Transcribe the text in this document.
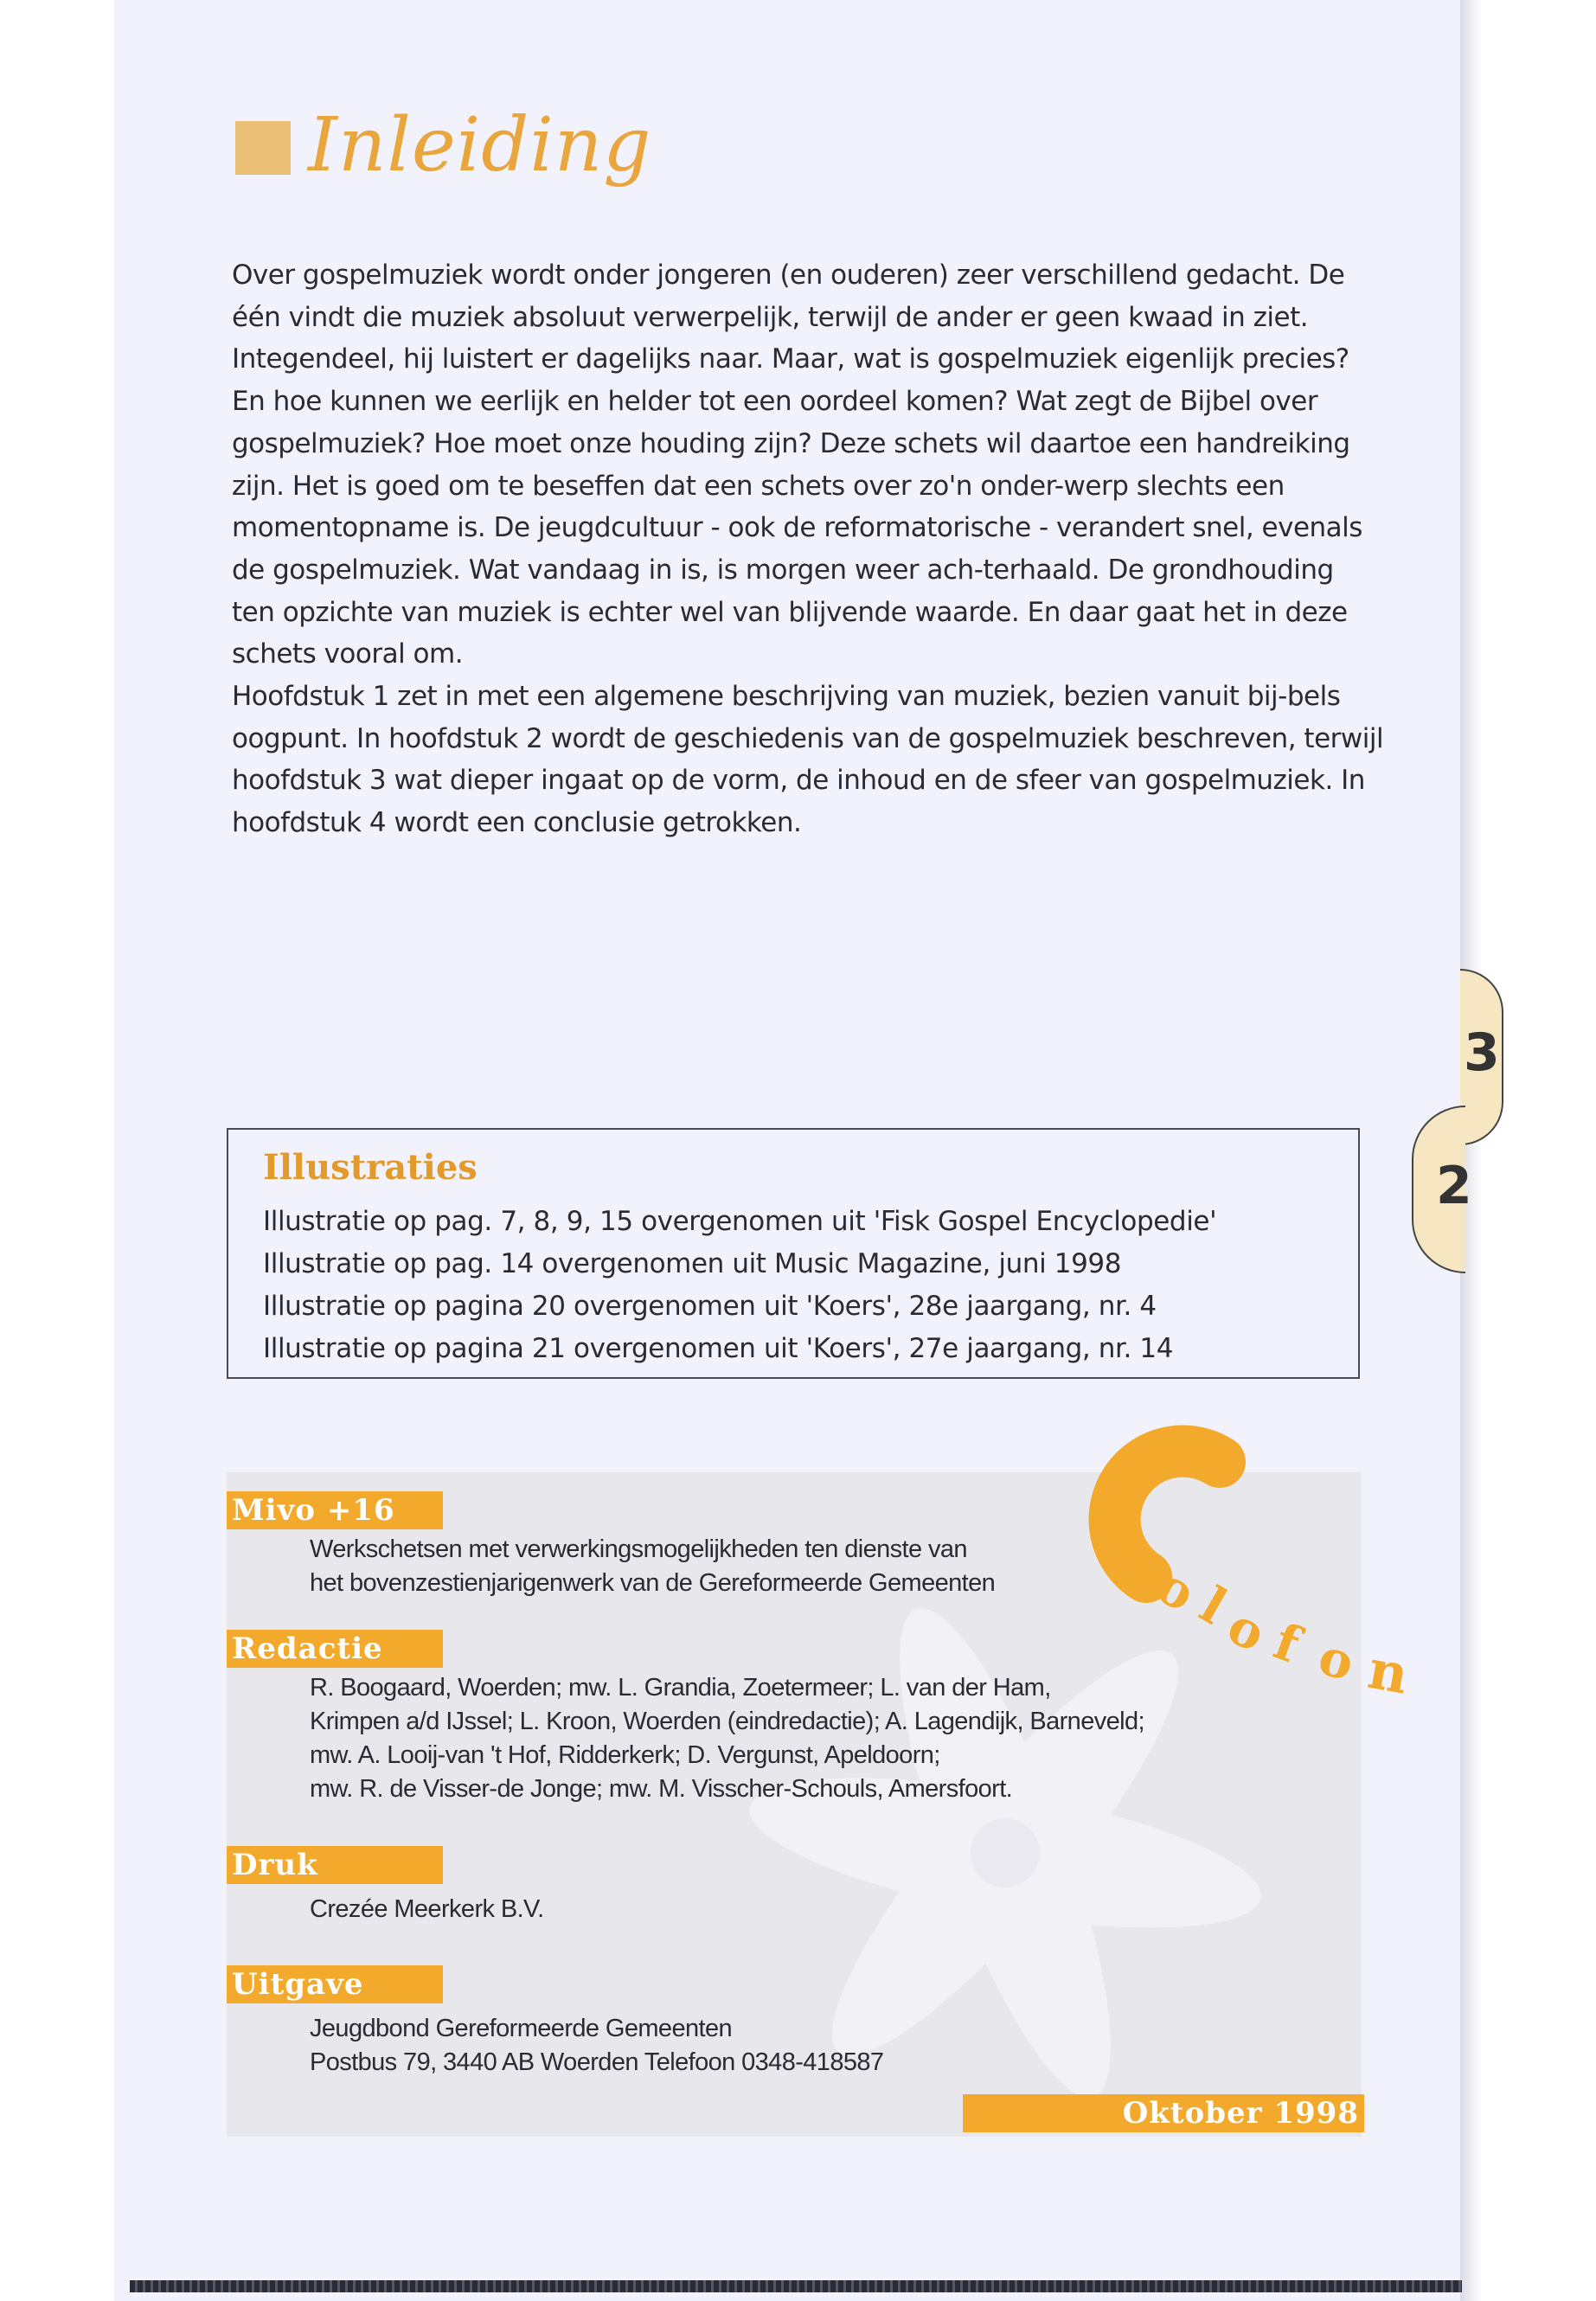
3
2
Inleiding

Over gospelmuziek wordt onder jongeren (en ouderen) zeer verschillend gedacht. De één vindt die muziek absoluut verwerpelijk, terwijl de ander er geen kwaad in ziet. Integendeel, hij luistert er dagelijks naar. Maar, wat is gospelmuziek eigenlijk precies? En hoe kunnen we eerlijk en helder tot een oordeel komen? Wat zegt de Bijbel over gospelmuziek? Hoe moet onze houding zijn? Deze schets wil daartoe een handreiking zijn. Het is goed om te beseffen dat een schets over zo'n onder-werp slechts een momentopname is. De jeugdcultuur - ook de reformatorische - verandert snel, evenals de gospelmuziek. Wat vandaag in is, is morgen weer ach-terhaald. De grondhouding ten opzichte van muziek is echter wel van blijvende waarde. En daar gaat het in deze schets vooral om.

Hoofdstuk 1 zet in met een algemene beschrijving van muziek, bezien vanuit bij-bels oogpunt. In hoofdstuk 2 wordt de geschiedenis van de gospelmuziek beschreven, terwijl hoofdstuk 3 wat dieper ingaat op de vorm, de inhoud en de sfeer van gospelmuziek. In hoofdstuk 4 wordt een conclusie getrokken.

Illustraties
Illustratie op pag. 7, 8, 9, 15 overgenomen uit 'Fisk Gospel Encyclopedie'
Illustratie op pag. 14 overgenomen uit Music Magazine, juni 1998
Illustratie op pagina 20 overgenomen uit 'Koers', 28e jaargang, nr. 4
Illustratie op pagina 21 overgenomen uit 'Koers', 27e jaargang, nr. 14
Mivo +16
Werkschetsen met verwerkingsmogelijkheden ten dienste van
het bovenzestienjarigenwerk van de Gereformeerde Gemeenten
Redactie
R. Boogaard, Woerden; mw. L. Grandia, Zoetermeer; L. van der Ham,
Krimpen a/d IJssel; L. Kroon, Woerden (eindredactie); A. Lagendijk, Barneveld;
mw. A. Looij-van 't Hof, Ridderkerk; D. Vergunst, Apeldoorn;
mw. R. de Visser-de Jonge; mw. M. Visscher-Schouls, Amersfoort.
Druk
Crezée Meerkerk B.V.
Uitgave
Jeugdbond Gereformeerde Gemeenten
Postbus 79, 3440 AB Woerden Telefoon 0348-418587
Oktober 1998
o
l
o
f o n
